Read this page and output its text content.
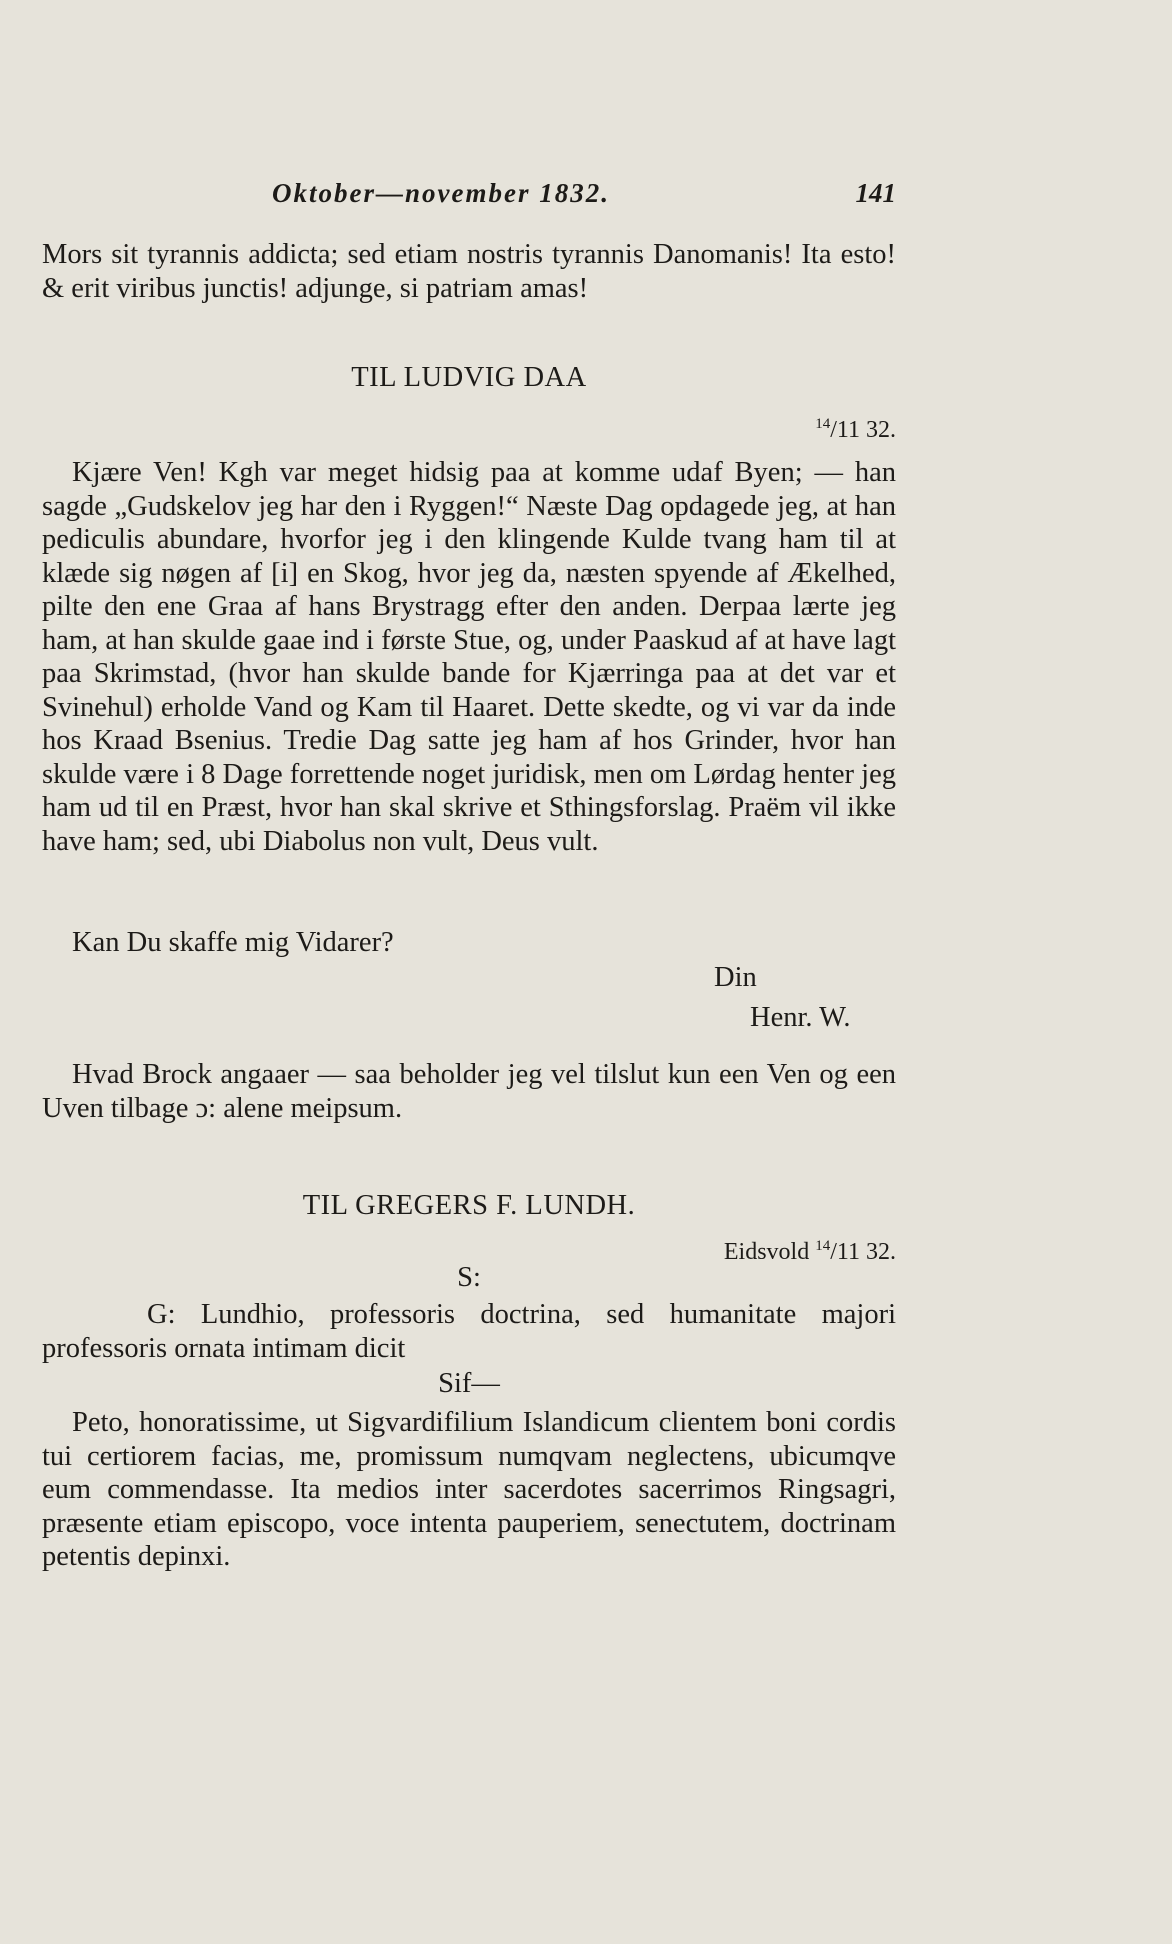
Oktober—november 1832.	141

Mors sit tyrannis addicta; sed etiam nostris tyrannis Danomanis! Ita esto! & erit viribus junctis! adjunge, si patriam amas!

TIL LUDVIG DAA
$^{14}$/11 32.

Kjære Ven! Kgh var meget hidsig paa at komme udaf Byen; — han sagde „Gudskelov jeg har den i Ryggen!“ Næste Dag opdagede jeg, at han pediculis abundare, hvorfor jeg i den klingende Kulde tvang ham til at klæde sig nøgen af [i] en Skog, hvor jeg da, næsten spyende af Ækelhed, pilte den ene Graa af hans Brystragg efter den anden. Derpaa lærte jeg ham, at han skulde gaae ind i første Stue, og, under Paaskud af at have lagt paa Skrimstad, (hvor han skulde bande for Kjærringa paa at det var et Svinehul) erholde Vand og Kam til Haaret. Dette skedte, og vi var da inde hos Kraad Bsenius. Tredie Dag satte jeg ham af hos Grinder, hvor han skulde være i 8 Dage forrettende noget juridisk, men om Lørdag henter jeg ham ud til en Præst, hvor han skal skrive et Sthingsforslag. Praëm vil ikke have ham; sed, ubi Diabolus non vult, Deus vult.

Kan Du skaffe mig Vidarer?

Din
Henr. W.

Hvad Brock angaaer — saa beholder jeg vel tilslut kun een Ven og een Uven tilbage ɔ: alene meipsum.

TIL GREGERS F. LUNDH.
Eidsvold $^{14}$/11 32.
S:

G: Lundhio, professoris doctrina, sed humanitate majori professoris ornata intimam dicit

Sif—

Peto, honoratissime, ut Sigvardifilium Islandicum clientem boni cordis tui certiorem facias, me, promissum numqvam neglectens, ubicumqve eum commendasse. Ita medios inter sacerdotes sacerrimos Ringsagri, præsente etiam episcopo, voce intenta pauperiem, senectutem, doctrinam petentis depinxi.
